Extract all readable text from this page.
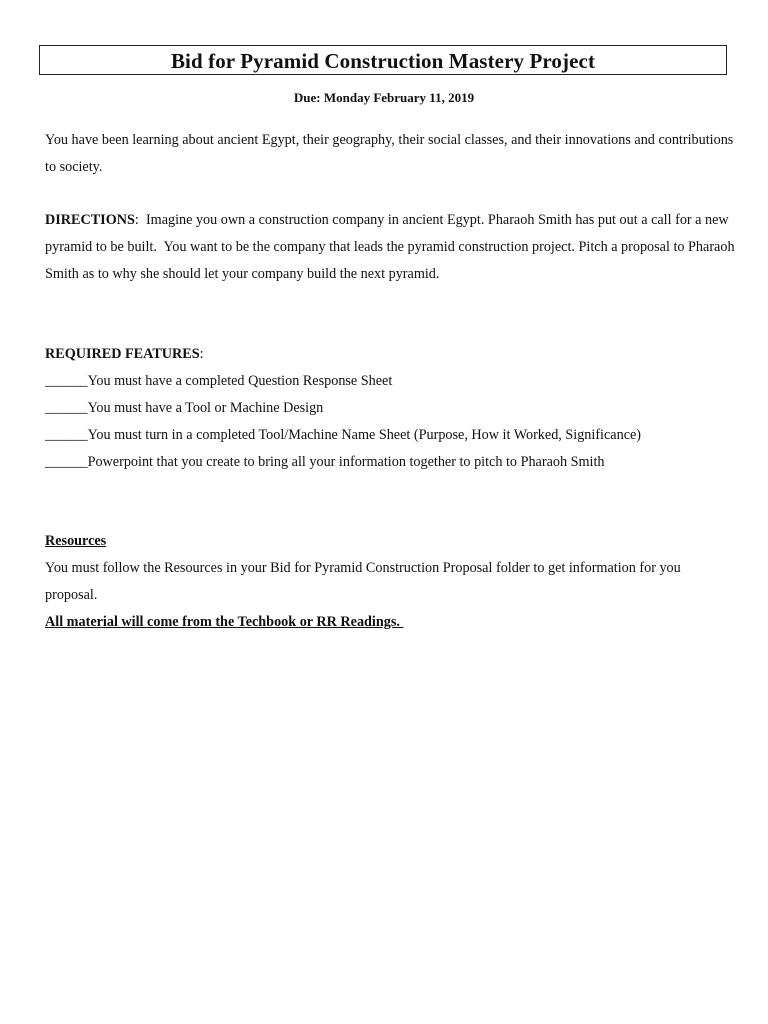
Bid for Pyramid Construction Mastery Project
Due: Monday February 11, 2019

You have been learning about ancient Egypt, their geography, their social classes, and their innovations and contributions to society.

DIRECTIONS:  Imagine you own a construction company in ancient Egypt. Pharaoh Smith has put out a call for a new pyramid to be built.  You want to be the company that leads the pyramid construction project. Pitch a proposal to Pharaoh Smith as to why she should let your company build the next pyramid.

REQUIRED FEATURES:

______You must have a completed Question Response Sheet

______You must have a Tool or Machine Design

______You must turn in a completed Tool/Machine Name Sheet (Purpose, How it Worked, Significance)

______Powerpoint that you create to bring all your information together to pitch to Pharaoh Smith

Resources

You must follow the Resources in your Bid for Pyramid Construction Proposal folder to get information for you proposal.

All material will come from the Techbook or RR Readings.
